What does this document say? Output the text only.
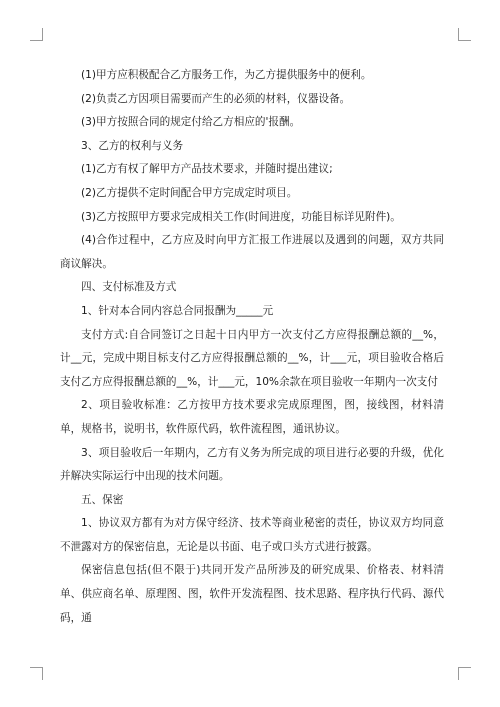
(1)甲方应积极配合乙方服务工作，为乙方提供服务中的便利。

(2)负责乙方因项目需要而产生的必须的材料，仪器设备。

(3)甲方按照合同的规定付给乙方相应的'报酬。

3、乙方的权利与义务

(1)乙方有权了解甲方产品技术要求，并随时提出建议;

(2)乙方提供不定时间配合甲方完成定时项目。

(3)乙方按照甲方要求完成相关工作(时间进度，功能目标详见附件)。

(4)合作过程中，乙方应及时向甲方汇报工作进展以及遇到的问题，双方共同商议解决。

四、支付标准及方式

1、针对本合同内容总合同报酬为_____元

支付方式:自合同签订之日起十日内甲方一次支付乙方应得报酬总额的__%，计__元，完成中期目标支付乙方应得报酬总额的__%，计___元，项目验收合格后支付乙方应得报酬总额的__%，计___元，10%余款在项目验收一年期内一次支付

2、项目验收标准：乙方按甲方技术要求完成原理图，图，接线图，材料清单，规格书，说明书，软件原代码，软件流程图，通讯协议。

3、项目验收后一年期内，乙方有义务为所完成的项目进行必要的升级，优化并解决实际运行中出现的技术问题。

五、保密

1、协议双方都有为对方保守经济、技术等商业秘密的责任，协议双方均同意不泄露对方的保密信息，无论是以书面、电子或口头方式进行披露。

保密信息包括(但不限于)共同开发产品所涉及的研究成果、价格表、材料清单、供应商名单、原理图、图，软件开发流程图、技术思路、程序执行代码、源代码，通
